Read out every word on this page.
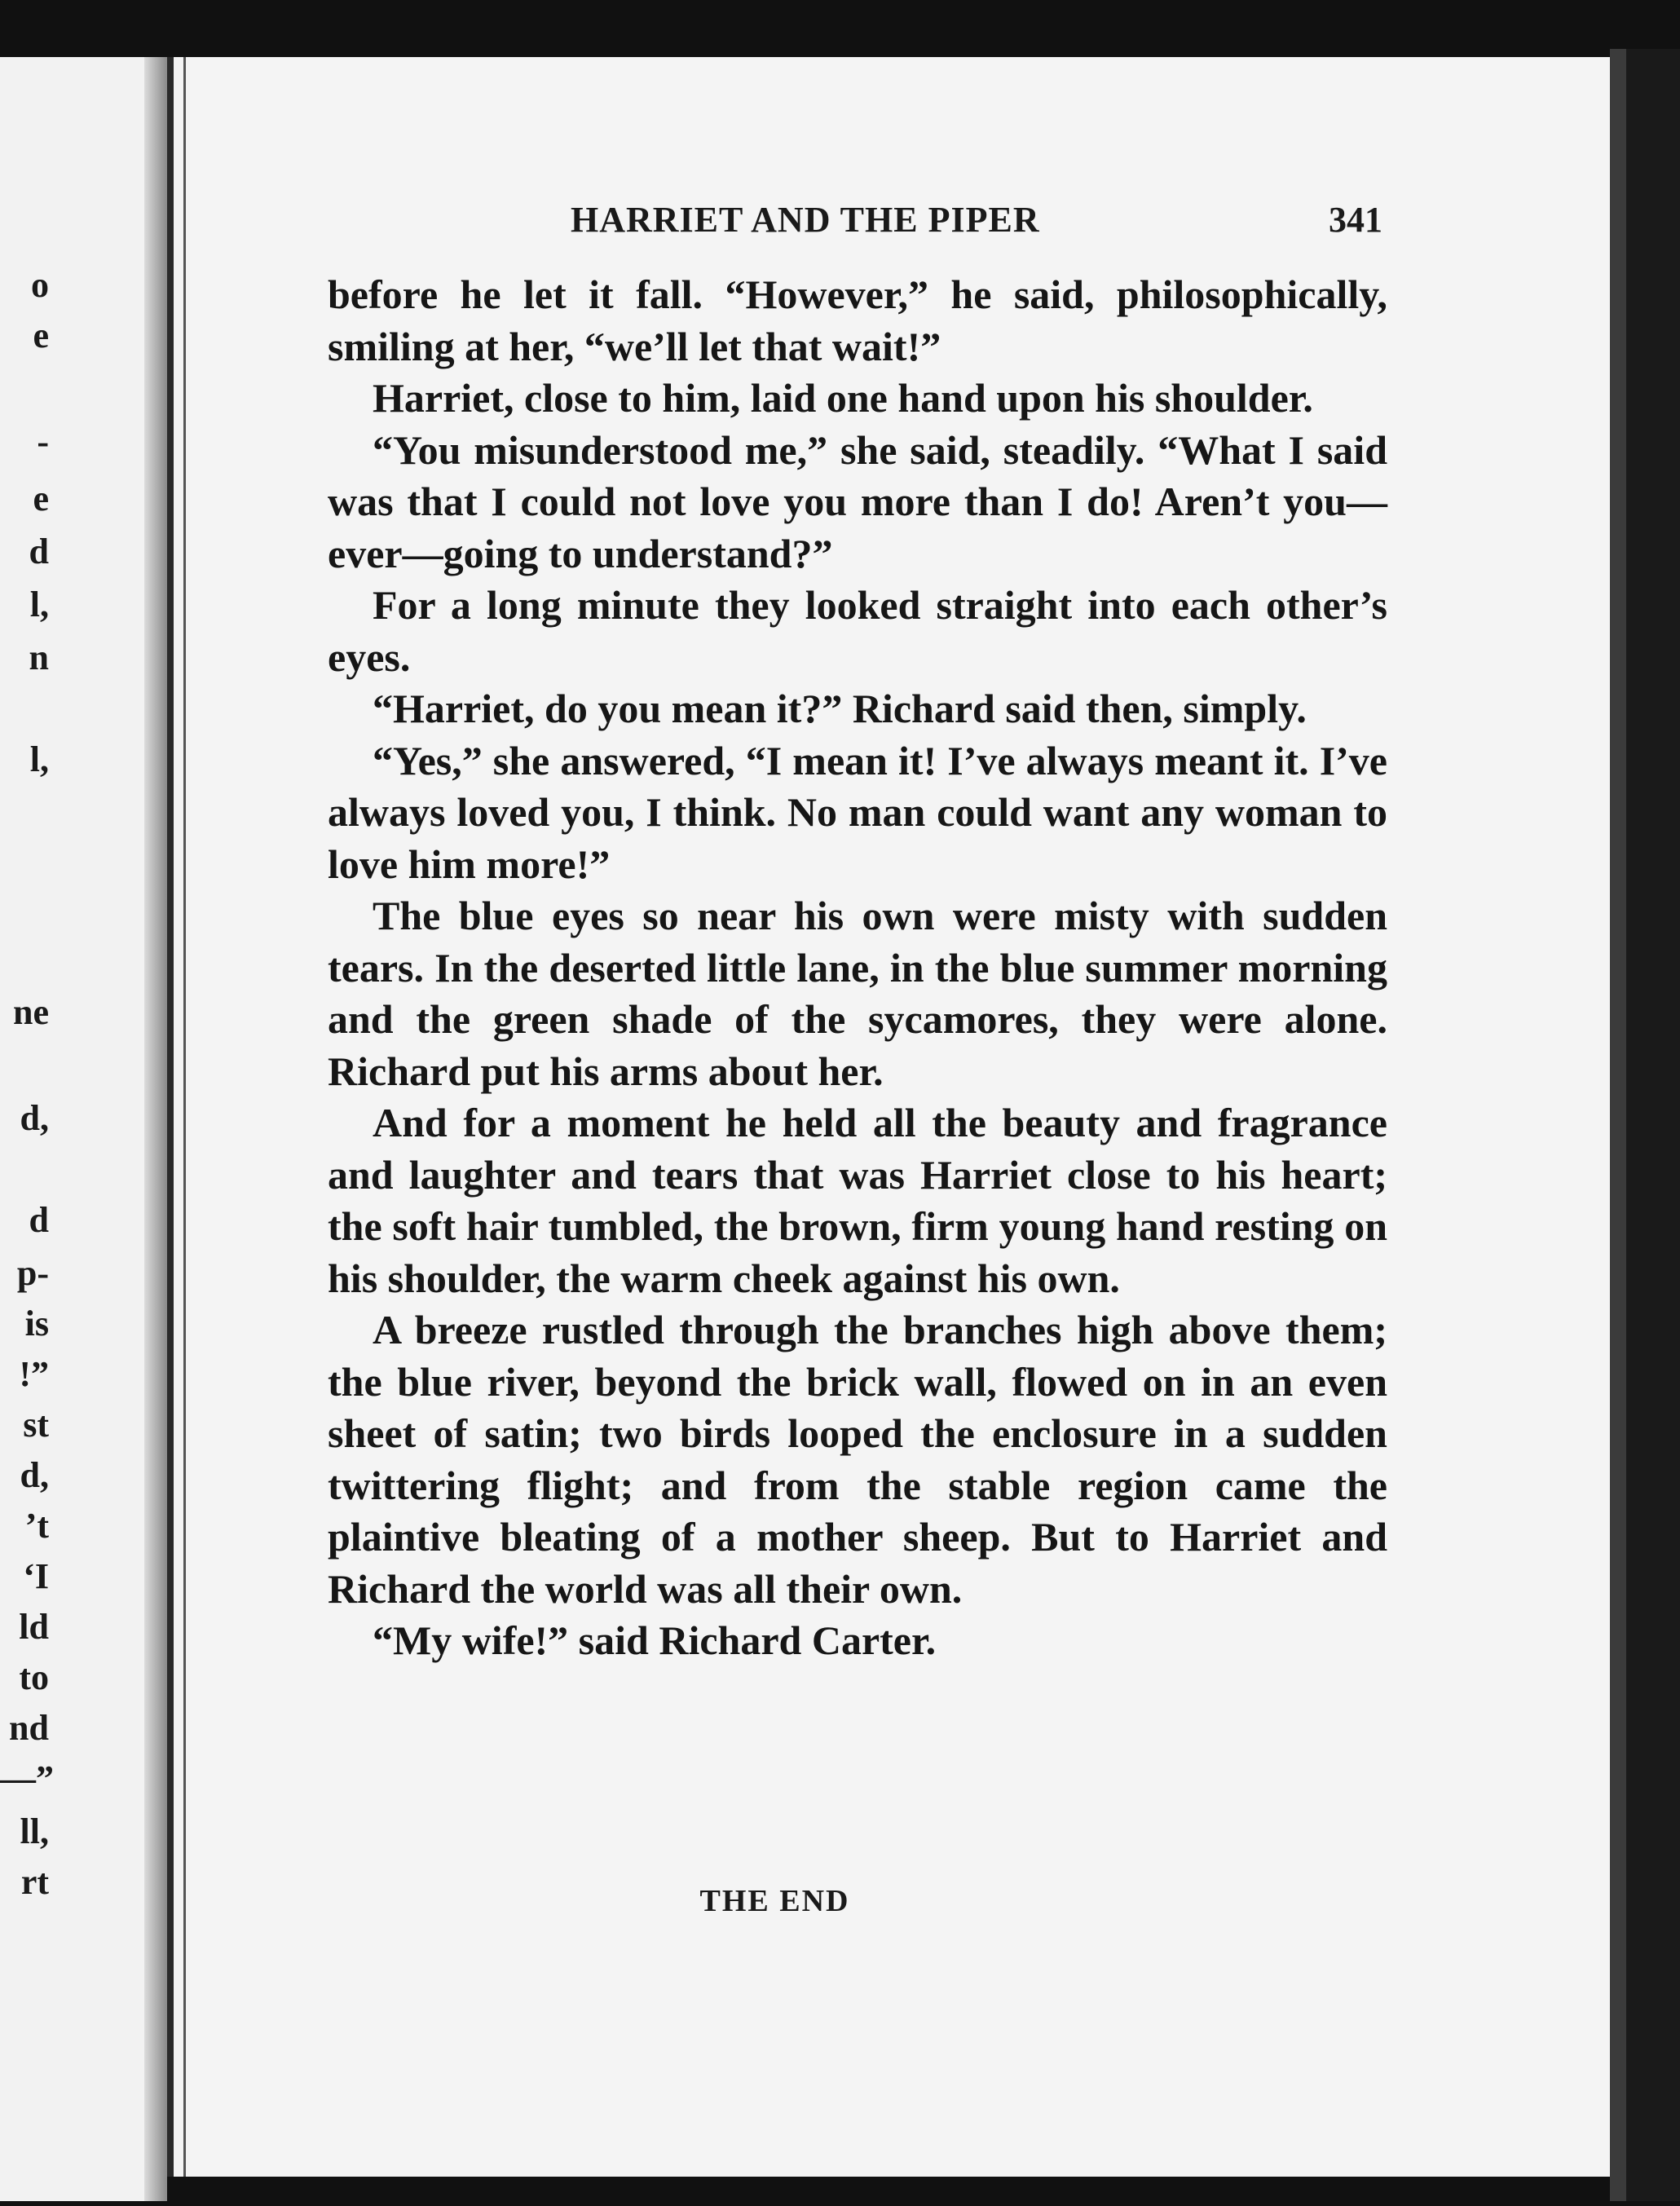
o
e
-
e
d
l,
n
l,
ne
d,
d
p-
is
!”
st
d,
’t
‘I
ld
to
nd
—”
ll,
rt
HARRIET AND THE PIPER	341

before he let it fall. “However,” he said, philosophically, smiling at her, “we’ll let that wait!”

Harriet, close to him, laid one hand upon his shoulder.

“You misunderstood me,” she said, steadily. “What I said was that I could not love you more than I do! Aren’t you—ever—going to understand?”

For a long minute they looked straight into each other’s eyes.

“Harriet, do you mean it?” Richard said then, simply.

“Yes,” she answered, “I mean it! I’ve always meant it. I’ve always loved you, I think. No man could want any woman to love him more!”

The blue eyes so near his own were misty with sudden tears. In the deserted little lane, in the blue summer morning and the green shade of the sycamores, they were alone. Richard put his arms about her.

And for a moment he held all the beauty and fragrance and laughter and tears that was Harriet close to his heart; the soft hair tumbled, the brown, firm young hand resting on his shoulder, the warm cheek against his own.

A breeze rustled through the branches high above them; the blue river, beyond the brick wall, flowed on in an even sheet of satin; two birds looped the enclosure in a sudden twittering flight; and from the stable region came the plaintive bleating of a mother sheep. But to Harriet and Richard the world was all their own.

“My wife!” said Richard Carter.

THE END
